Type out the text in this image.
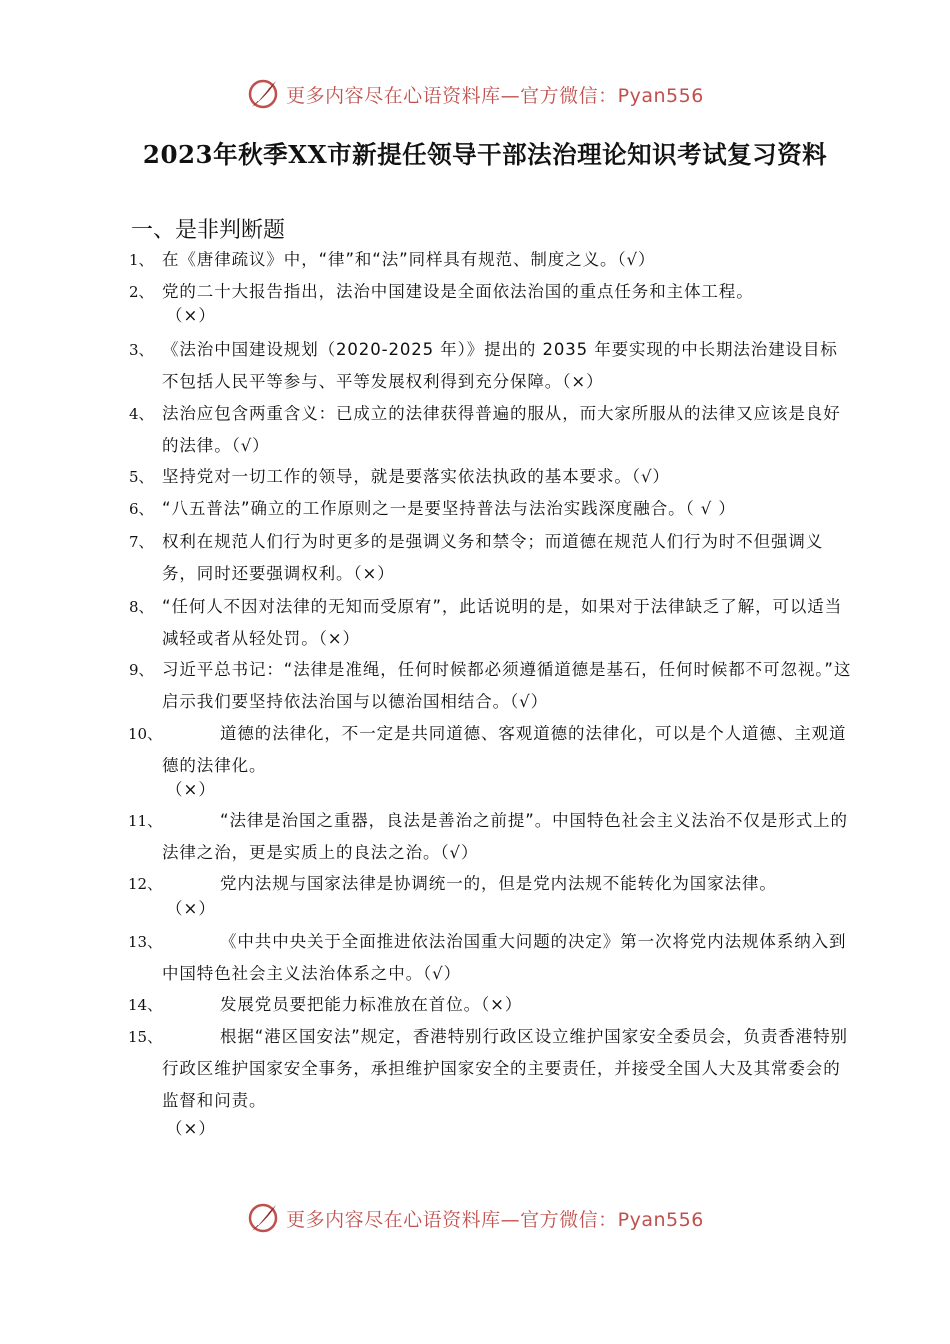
更多内容尽在心语资料库—官方微信：Pyan556
2023年秋季XX市新提任领导干部法治理论知识考试复习资料
一、是非判断题
1、 在《唐律疏议》中，“律”和“法”同样具有规范、制度之义。（√）
2、 党的二十大报告指出，法治中国建设是全面依法治国的重点任务和主体工程。
（×）
3、 《法治中国建设规划（2020-2025 年）》提出的 2035 年要实现的中长期法治建设目标不包括人民平等参与、平等发展权利得到充分保障。（×）
4、 法治应包含两重含义：已成立的法律获得普遍的服从，而大家所服从的法律又应该是良好的法律。（√）
5、 坚持党对一切工作的领导，就是要落实依法执政的基本要求。（√）
6、 “八五普法”确立的工作原则之一是要坚持普法与法治实践深度融合。（ √ ）
7、 权利在规范人们行为时更多的是强调义务和禁令；而道德在规范人们行为时不但强调义务，同时还要强调权利。（×）
8、 “任何人不因对法律的无知而受原宥”，此话说明的是，如果对于法律缺乏了解，可以适当减轻或者从轻处罚。（×）
9、 习近平总书记：“法律是准绳，任何时候都必须遵循道德是基石，任何时候都不可忽视。”这启示我们要坚持依法治国与以德治国相结合。（√）
10、	道德的法律化，不一定是共同道德、客观道德的法律化，可以是个人道德、主观道德的法律化。
（×）
11、	“法律是治国之重器，良法是善治之前提”。中国特色社会主义法治不仅是形式上的法律之治，更是实质上的良法之治。（√）
12、	党内法规与国家法律是协调统一的，但是党内法规不能转化为国家法律。
（×）
13、	《中共中央关于全面推进依法治国重大问题的决定》第一次将党内法规体系纳入到中国特色社会主义法治体系之中。（√）
14、	发展党员要把能力标准放在首位。（×）
15、	根据“港区国安法”规定，香港特别行政区设立维护国家安全委员会，负责香港特别行政区维护国家安全事务，承担维护国家安全的主要责任，并接受全国人大及其常委会的监督和问责。
（×）
更多内容尽在心语资料库—官方微信：Pyan556
